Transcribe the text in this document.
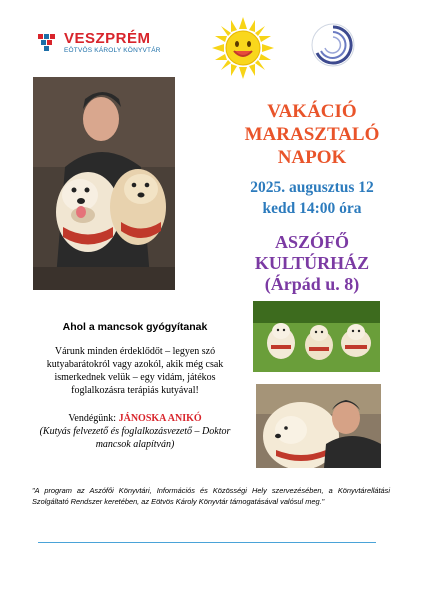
VESZPRÉM
EÖTVÖS KÁROLY KÖNYVTÁR
VAKÁCIÓ
MARASZTALÓ
NAPOK
2025. augusztus 12
kedd 14:00 óra
ASZÓFŐ
KULTÚRHÁZ
(Árpád u. 8)
Ahol a mancsok gyógyítanak
Várunk minden érdeklődőt – legyen szó kutyabarátokról vagy azokól, akik még csak ismerkednek velük – egy vidám, játékos foglalkozásra terápiás kutyával!
Vendégünk: JÁNOSKA ANIKÓ
(Kutyás felvezető és foglalkozásvezető – Doktor mancsok alapítván)
"A program az Aszófői Könyvtári, Információs és Közösségi Hely szervezésében, a Könyvtárellátási Szolgáltató Rendszer keretében, az Eötvös Károly Könyvtár támogatásával valósul meg."
